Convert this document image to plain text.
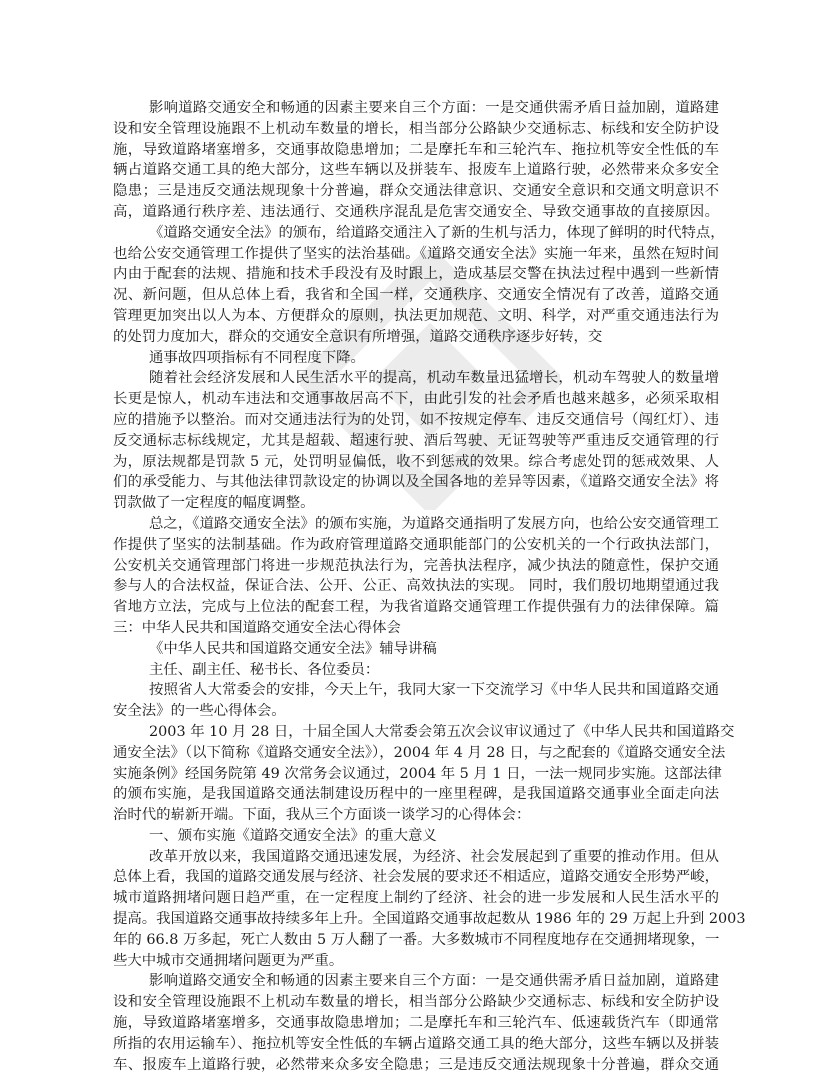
影响道路交通安全和畅通的因素主要来自三个方面：一是交通供需矛盾日益加剧，道路建
设和安全管理设施跟不上机动车数量的增长，相当部分公路缺少交通标志、标线和安全防护设
施，导致道路堵塞增多，交通事故隐患增加；二是摩托车和三轮汽车、拖拉机等安全性低的车
辆占道路交通工具的绝大部分，这些车辆以及拼装车、报废车上道路行驶，必然带来众多安全
隐患；三是违反交通法规现象十分普遍，群众交通法律意识、交通安全意识和交通文明意识不
高，道路通行秩序差、违法通行、交通秩序混乱是危害交通安全、导致交通事故的直接原因。
《道路交通安全法》的颁布，给道路交通注入了新的生机与活力，体现了鲜明的时代特点，
也给公安交通管理工作提供了坚实的法治基础。《道路交通安全法》实施一年来，虽然在短时间
内由于配套的法规、措施和技术手段没有及时跟上，造成基层交警在执法过程中遇到一些新情
况、新问题，但从总体上看，我省和全国一样，交通秩序、交通安全情况有了改善，道路交通
管理更加突出以人为本、方便群众的原则，执法更加规范、文明、科学，对严重交通违法行为
的处罚力度加大，群众的交通安全意识有所增强，道路交通秩序逐步好转，交
通事故四项指标有不同程度下降。
随着社会经济发展和人民生活水平的提高，机动车数量迅猛增长，机动车驾驶人的数量增
长更是惊人，机动车违法和交通事故居高不下，由此引发的社会矛盾也越来越多，必须采取相
应的措施予以整治。而对交通违法行为的处罚，如不按规定停车、违反交通信号（闯红灯）、违
反交通标志标线规定，尤其是超载、超速行驶、酒后驾驶、无证驾驶等严重违反交通管理的行
为，原法规都是罚款 5 元，处罚明显偏低，收不到惩戒的效果。综合考虑处罚的惩戒效果、人
们的承受能力、与其他法律罚款设定的协调以及全国各地的差异等因素，《道路交通安全法》将
罚款做了一定程度的幅度调整。
总之，《道路交通安全法》的颁布实施，为道路交通指明了发展方向，也给公安交通管理工
作提供了坚实的法制基础。作为政府管理道路交通职能部门的公安机关的一个行政执法部门，
公安机关交通管理部门将进一步规范执法行为，完善执法程序，减少执法的随意性，保护交通
参与人的合法权益，保证合法、公开、公正、高效执法的实现。 同时，我们殷切地期望通过我
省地方立法，完成与上位法的配套工程，为我省道路交通管理工作提供强有力的法律保障。篇
三：中华人民共和国道路交通安全法心得体会
《中华人民共和国道路交通安全法》辅导讲稿
主任、副主任、秘书长、各位委员：
按照省人大常委会的安排，今天上午，我同大家一下交流学习《中华人民共和国道路交通
安全法》的一些心得体会。
2003 年 10 月 28 日，十届全国人大常委会第五次会议审议通过了《中华人民共和国道路交
通安全法》（以下简称《道路交通安全法》），2004 年 4 月 28 日，与之配套的《道路交通安全法
实施条例》经国务院第 49 次常务会议通过，2004 年 5 月 1 日，一法一规同步实施。这部法律
的颁布实施，是我国道路交通法制建设历程中的一座里程碑，是我国道路交通事业全面走向法
治时代的崭新开端。下面，我从三个方面谈一谈学习的心得体会：
一、颁布实施《道路交通安全法》的重大意义
改革开放以来，我国道路交通迅速发展，为经济、社会发展起到了重要的推动作用。但从
总体上看，我国的道路交通发展与经济、社会发展的要求还不相适应，道路交通安全形势严峻，
城市道路拥堵问题日趋严重，在一定程度上制约了经济、社会的进一步发展和人民生活水平的
提高。我国道路交通事故持续多年上升。全国道路交通事故起数从 1986 年的 29 万起上升到 2003
年的 66.8 万多起，死亡人数由 5 万人翻了一番。大多数城市不同程度地存在交通拥堵现象，一
些大中城市交通拥堵问题更为严重。
影响道路交通安全和畅通的因素主要来自三个方面：一是交通供需矛盾日益加剧，道路建
设和安全管理设施跟不上机动车数量的增长，相当部分公路缺少交通标志、标线和安全防护设
施，导致道路堵塞增多，交通事故隐患增加；二是摩托车和三轮汽车、低速载货汽车（即通常
所指的农用运输车）、拖拉机等安全性低的车辆占道路交通工具的绝大部分，这些车辆以及拼装
车、报废车上道路行驶，必然带来众多安全隐患；三是违反交通法规现象十分普遍，群众交通
